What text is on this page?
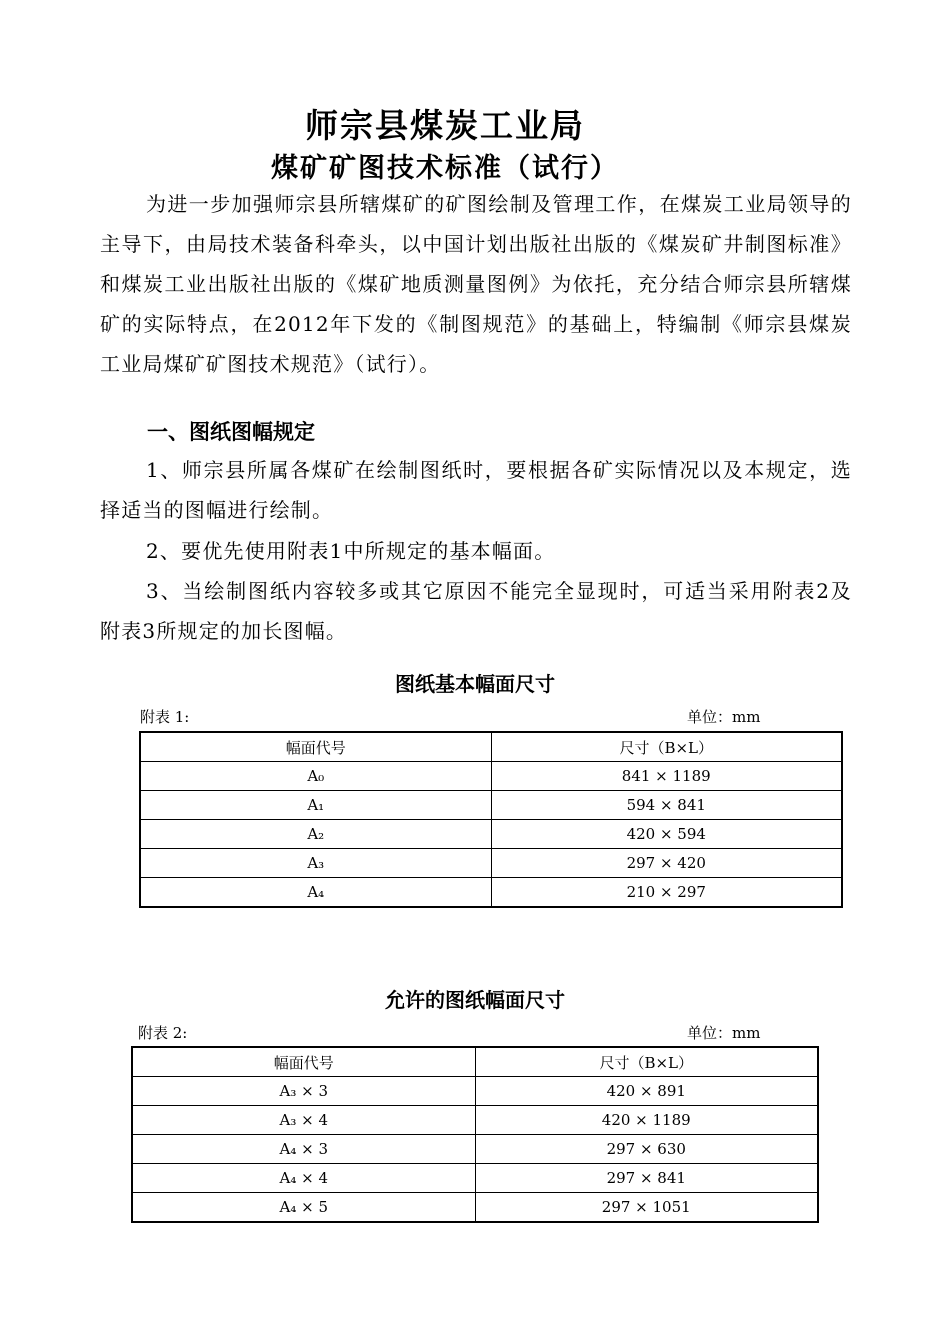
师宗县煤炭工业局
煤矿矿图技术标准（试行）
为进一步加强师宗县所辖煤矿的矿图绘制及管理工作，在煤炭工业局领导的主导下，由局技术装备科牵头，以中国计划出版社出版的《煤炭矿井制图标准》和煤炭工业出版社出版的《煤矿地质测量图例》为依托，充分结合师宗县所辖煤矿的实际特点，在2012年下发的《制图规范》的基础上，特编制《师宗县煤炭工业局煤矿矿图技术规范》（试行）。
一、图纸图幅规定
1、师宗县所属各煤矿在绘制图纸时，要根据各矿实际情况以及本规定，选择适当的图幅进行绘制。
2、要优先使用附表1中所规定的基本幅面。
3、当绘制图纸内容较多或其它原因不能完全显现时，可适当采用附表2及附表3所规定的加长图幅。
图纸基本幅面尺寸
附表 1:	单位：mm
幅面代号	尺寸（B×L）
A₀	841 × 1189
A₁	594 × 841
A₂	420 × 594
A₃	297 × 420
A₄	210 × 297
允许的图纸幅面尺寸
附表 2:	单位：mm
幅面代号	尺寸（B×L）
A₃ × 3	420 × 891
A₃ × 4	420 × 1189
A₄ × 3	297 × 630
A₄ × 4	297 × 841
A₄ × 5	297 × 1051
